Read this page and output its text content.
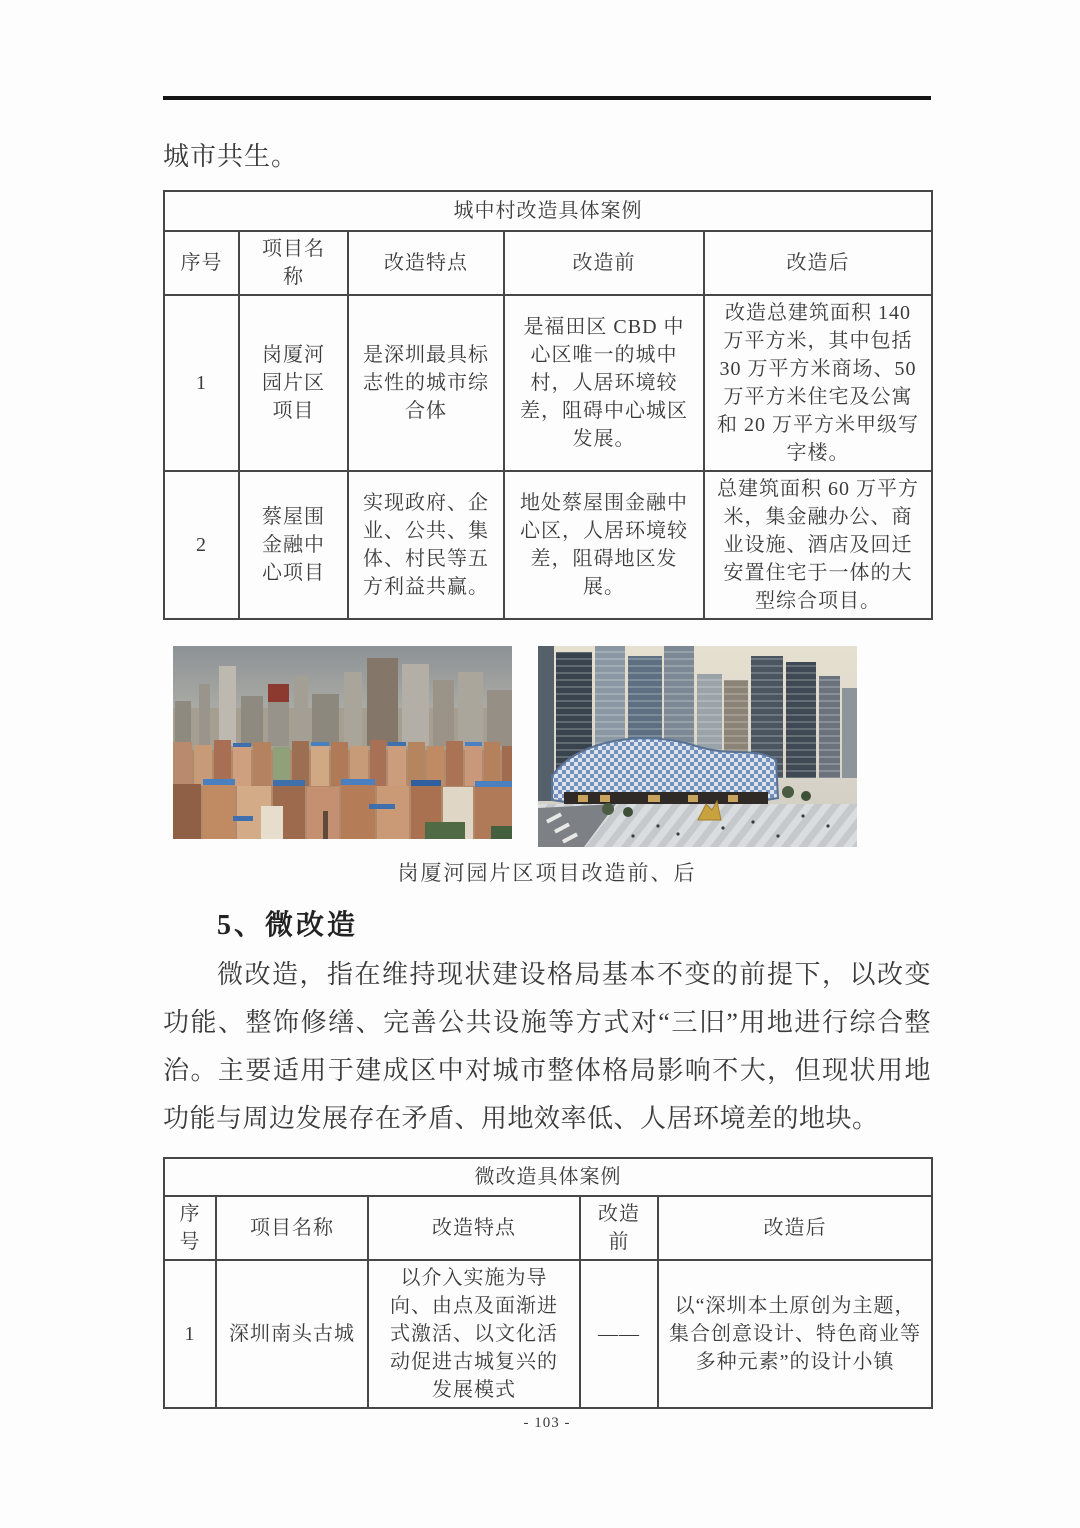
城市共生。

城中村改造具体案例				
序号	项目名称	改造特点	改造前	改造后
1	岗厦河园片区项目	是深圳最具标志性的城市综合体	是福田区 CBD 中心区唯一的城中村，人居环境较差，阻碍中心城区发展。	改造总建筑面积 140 万平方米，其中包括 30 万平方米商场、50 万平方米住宅及公寓和 20 万平方米甲级写字楼。
2	蔡屋围金融中心项目	实现政府、企业、公共、集体、村民等五方利益共赢。	地处蔡屋围金融中心区，人居环境较差，阻碍地区发展。	总建筑面积 60 万平方米，集金融办公、商业设施、酒店及回迁安置住宅于一体的大型综合项目。

岗厦河园片区项目改造前、后

5、微改造

微改造，指在维持现状建设格局基本不变的前提下，以改变功能、整饰修缮、完善公共设施等方式对“三旧”用地进行综合整治。主要适用于建成区中对城市整体格局影响不大，但现状用地功能与周边发展存在矛盾、用地效率低、人居环境差的地块。

微改造具体案例				
序号	项目名称	改造特点	改造前	改造后
1	深圳南头古城	以介入实施为导向、由点及面渐进式激活、以文化活动促进古城复兴的发展模式	——	以“深圳本土原创为主题，集合创意设计、特色商业等多种元素”的设计小镇

- 103 -
